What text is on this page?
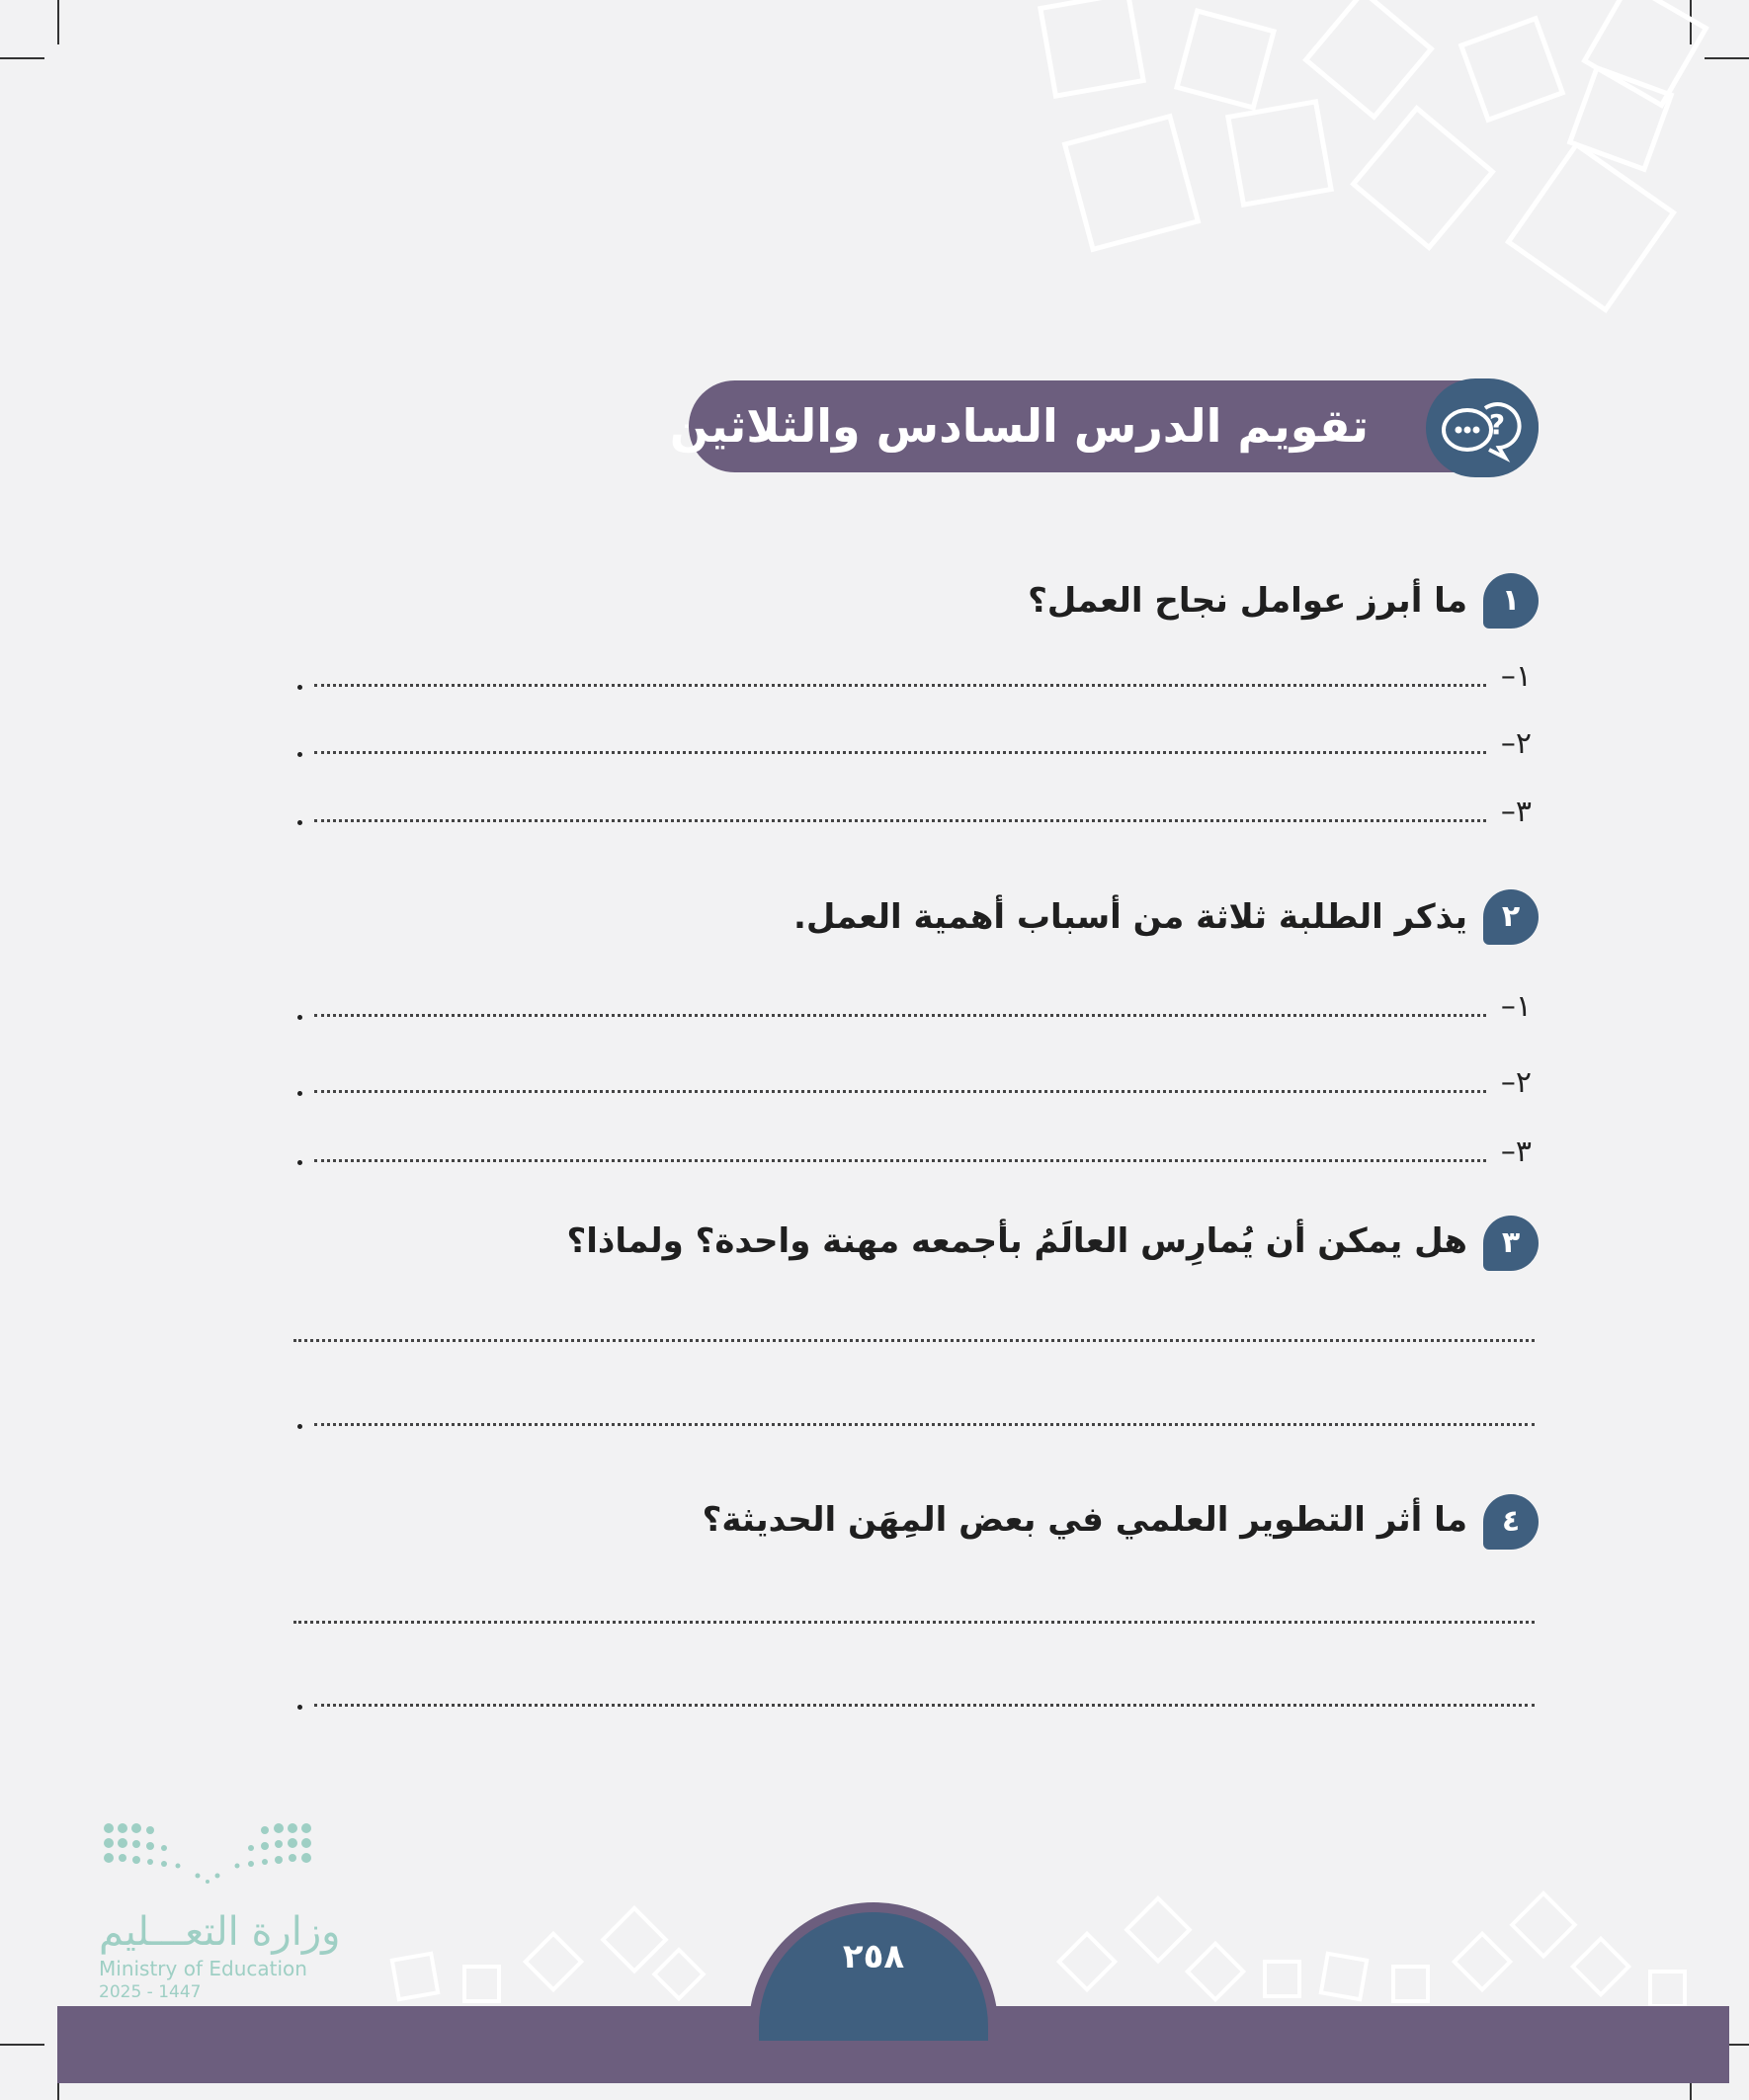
تقويم الدرس السادس والثلاثين	?
١
ما أبرز عوامل نجاح العمل؟
١–
٢–
٣–
٢
يذكر الطلبة ثلاثة من أسباب أهمية العمل.
١–
٢–
٣–
٣
هل يمكن أن يُمارِس العالَمُ بأجمعه مهنة واحدة؟ ولماذا؟
٤
ما أثر التطوير العلمي في بعض المِهَن الحديثة؟
٢٥٨
وزارة التعـــليم
Ministry of Education
2025 - 1447
